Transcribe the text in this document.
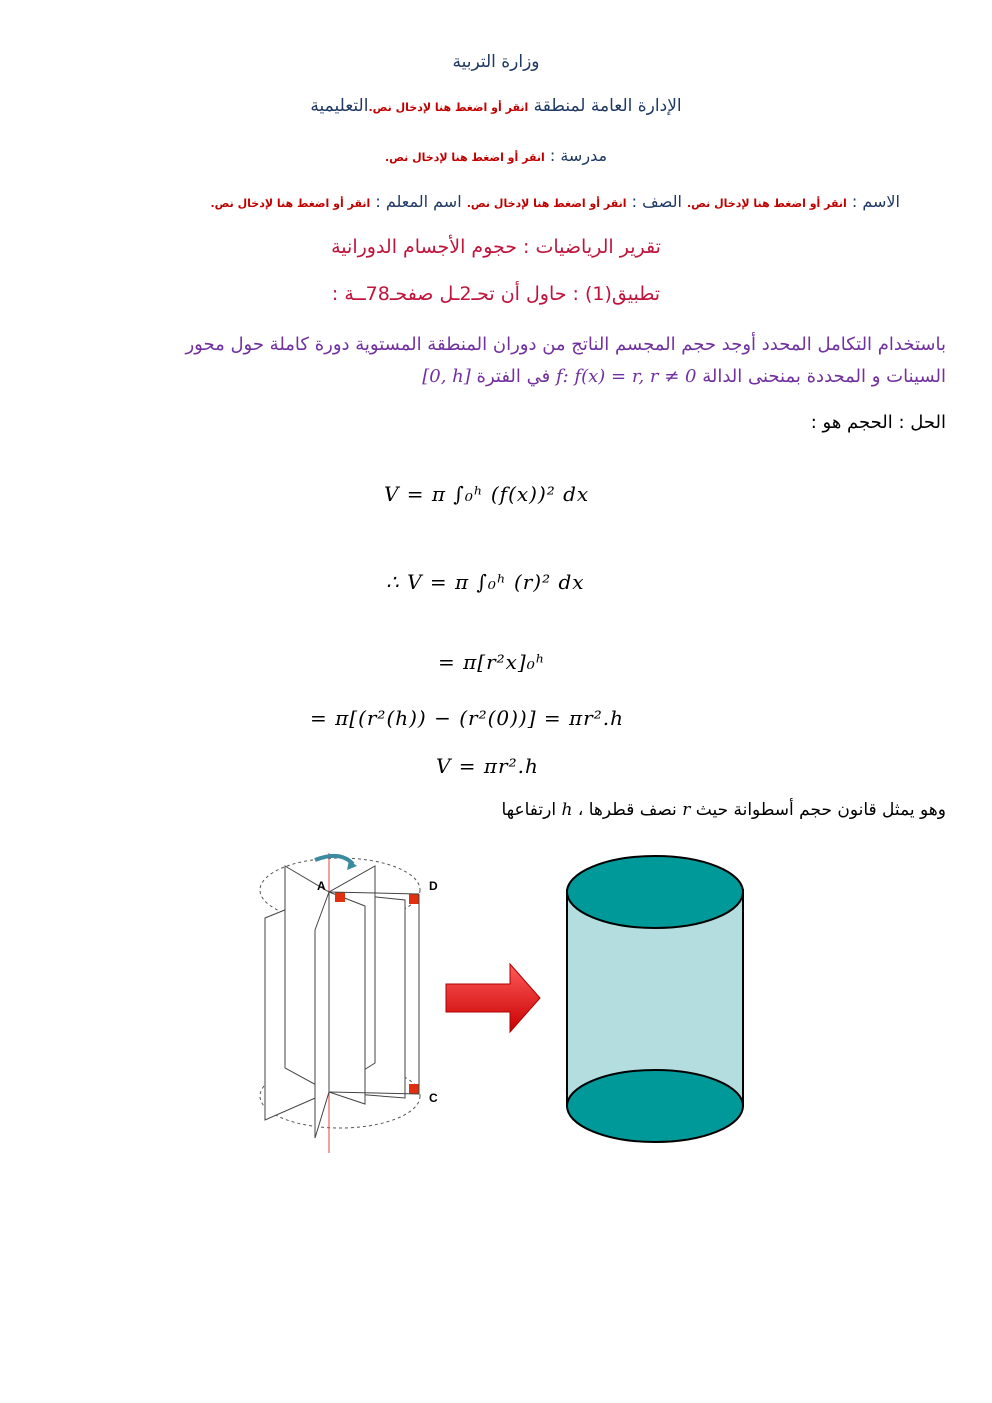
وزارة التربية
الإدارة العامة لمنطقة انقر أو اضغط هنا لإدخال نص.التعليمية
مدرسة : انقر أو اضغط هنا لإدخال نص.
الاسم : انقر أو اضغط هنا لإدخال نص. الصف : انقر أو اضغط هنا لإدخال نص. اسم المعلم : انقر أو اضغط هنا لإدخال نص.
تقرير الرياضيات : حجوم الأجسام الدورانية
تطبيق(1) : حاول أن تحـ2ـل صفحـ78ــة :
باستخدام التكامل المحدد أوجد حجم المجسم الناتج من دوران المنطقة المستوية دورة كاملة حول محور
السينات و المحددة بمنحنى الدالة f: f(x) = r, r ≠ 0 في الفترة [0, h]
الحل : الحجم هو :
V = π ∫₀ʰ (f(x))² dx
∴ V = π ∫₀ʰ (r)² dx
= π[r²x]₀ʰ
= π[(r²(h)) − (r²(0))] = πr².h
V = πr².h
وهو يمثل قانون حجم أسطوانة حيث r نصف قطرها ، h ارتفاعها
A	D
C
